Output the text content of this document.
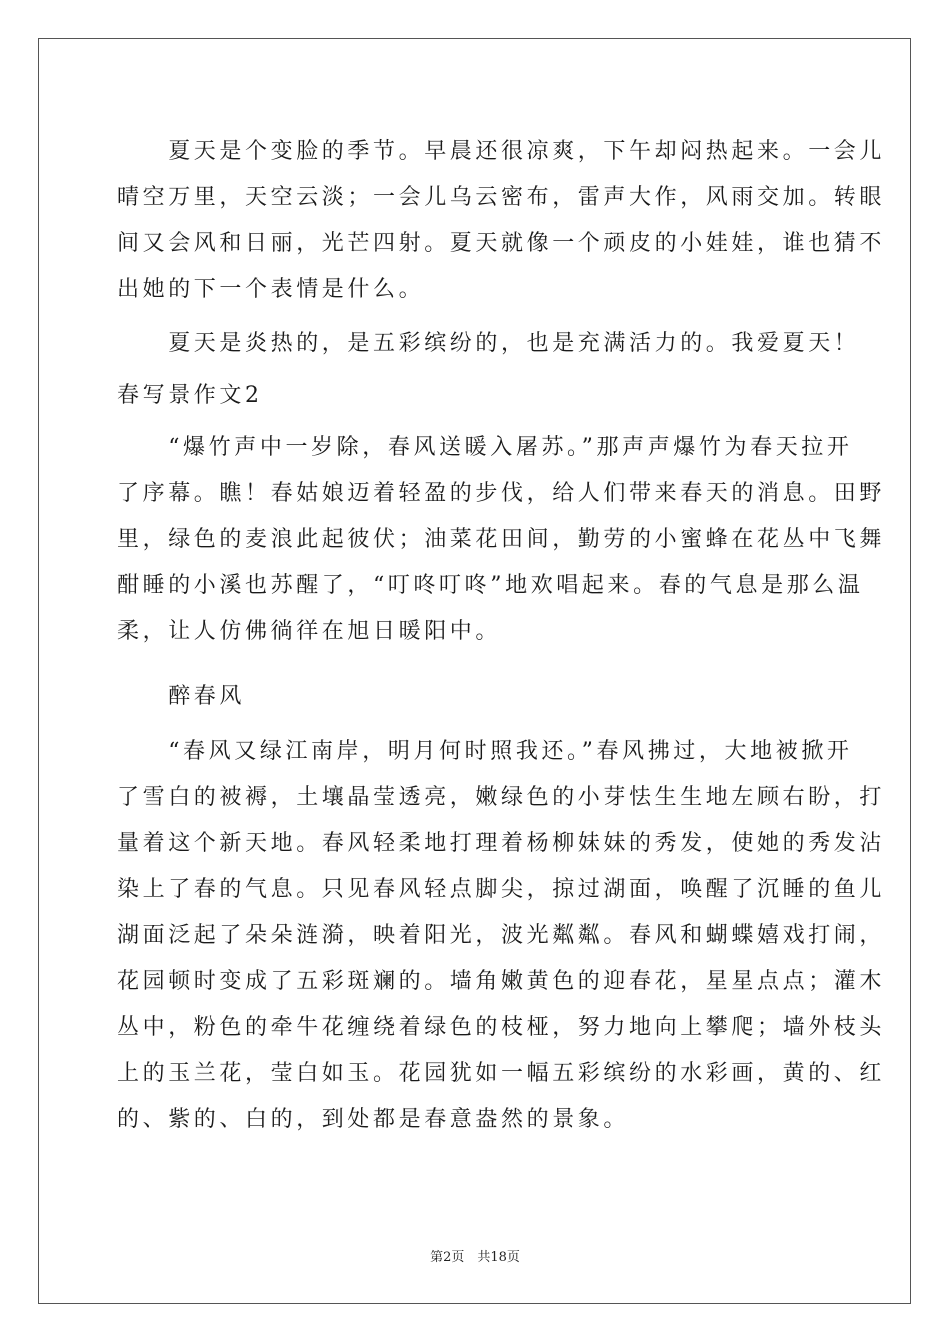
　　夏天是个变脸的季节。早晨还很凉爽，下午却闷热起来。一会儿
晴空万里，天空云淡；一会儿乌云密布，雷声大作，风雨交加。转眼
间又会风和日丽，光芒四射。夏天就像一个顽皮的小娃娃，谁也猜不
出她的下一个表情是什么。
　　夏天是炎热的，是五彩缤纷的，也是充满活力的。我爱夏天！
春写景作文2
　　“爆竹声中一岁除，春风送暖入屠苏。”那声声爆竹为春天拉开
了序幕。瞧！春姑娘迈着轻盈的步伐，给人们带来春天的消息。田野
里，绿色的麦浪此起彼伏；油菜花田间，勤劳的小蜜蜂在花丛中飞舞
酣睡的小溪也苏醒了，“叮咚叮咚”地欢唱起来。春的气息是那么温
柔，让人仿佛徜徉在旭日暖阳中。
　　醉春风
　　“春风又绿江南岸，明月何时照我还。”春风拂过，大地被掀开
了雪白的被褥，土壤晶莹透亮，嫩绿色的小芽怯生生地左顾右盼，打
量着这个新天地。春风轻柔地打理着杨柳妹妹的秀发，使她的秀发沾
染上了春的气息。只见春风轻点脚尖，掠过湖面，唤醒了沉睡的鱼儿
湖面泛起了朵朵涟漪，映着阳光，波光粼粼。春风和蝴蝶嬉戏打闹，
花园顿时变成了五彩斑斓的。墙角嫩黄色的迎春花，星星点点；灌木
丛中，粉色的牵牛花缠绕着绿色的枝桠，努力地向上攀爬；墙外枝头
上的玉兰花，莹白如玉。花园犹如一幅五彩缤纷的水彩画，黄的、红
的、紫的、白的，到处都是春意盎然的景象。
第2页　共18页
